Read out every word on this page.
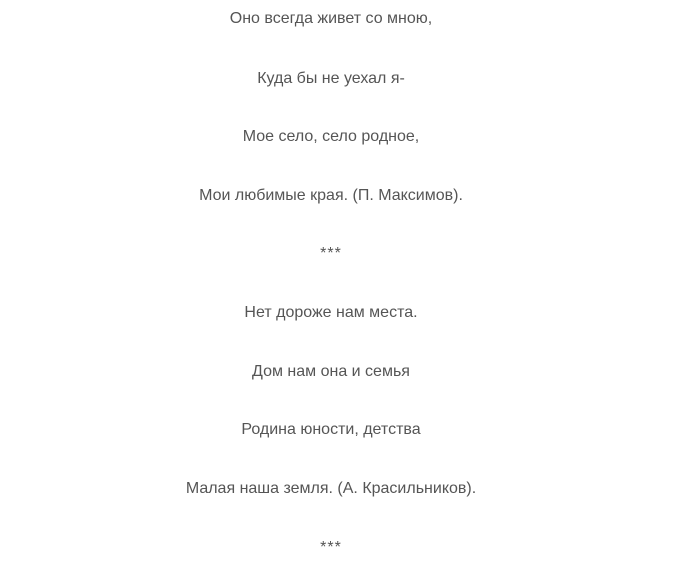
Оно всегда живет со мною,
Куда бы не уехал я-
Мое село, село родное,
Мои любимые края. (П. Максимов).
***
Нет дороже нам места.
Дом нам она и семья
Родина юности, детства
Малая наша земля. (А. Красильников).
***
